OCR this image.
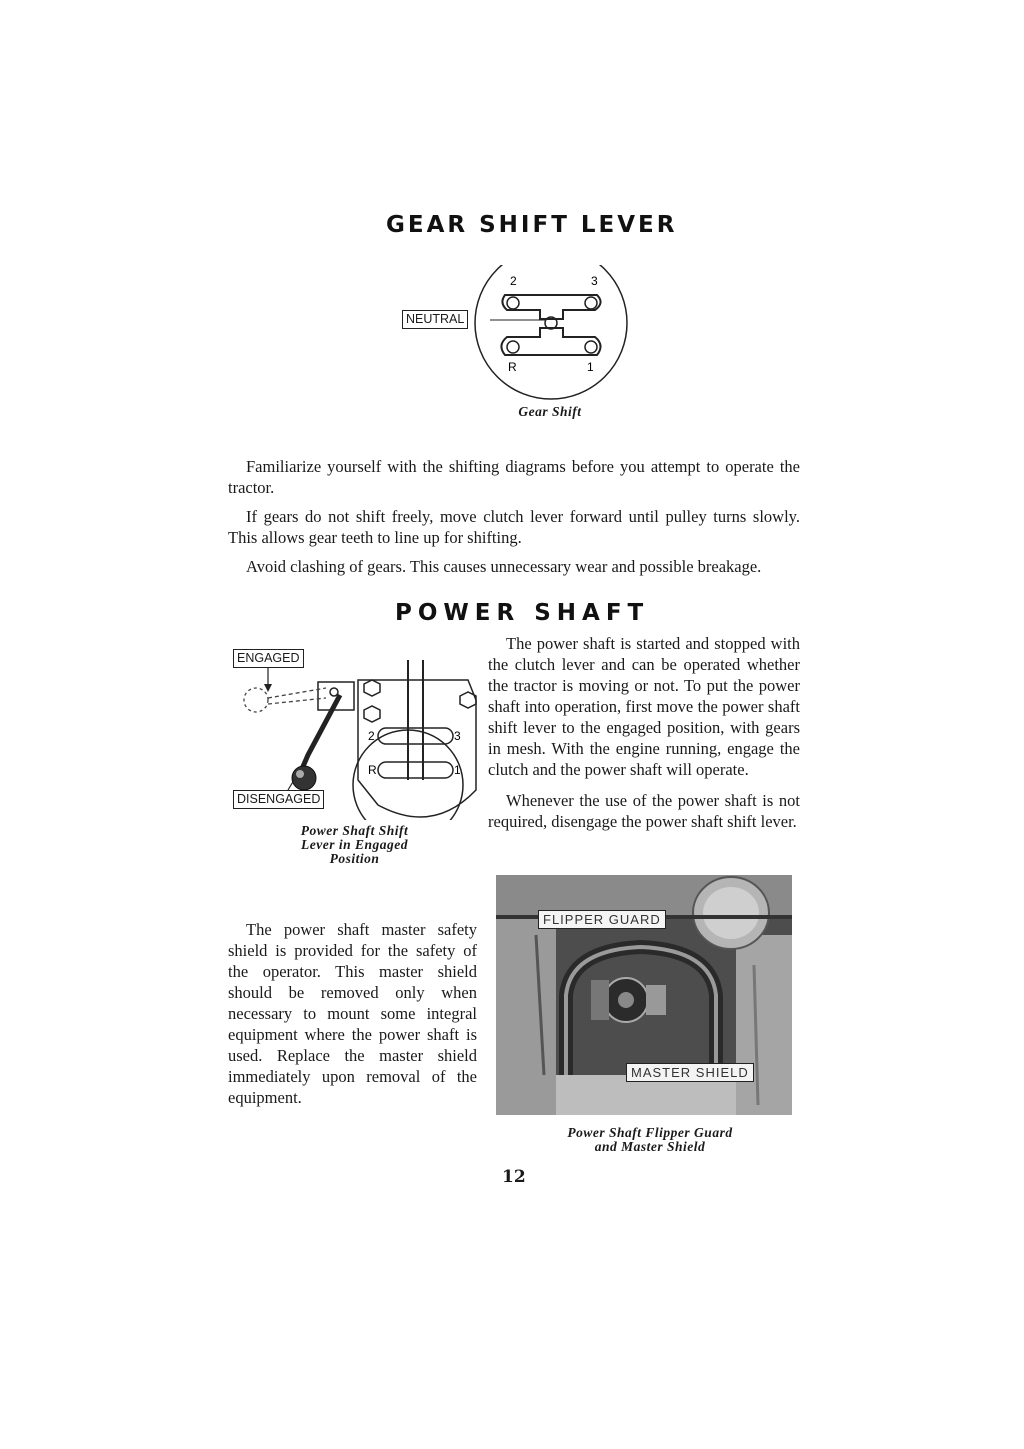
GEAR SHIFT LEVER
2	3
R	1
NEUTRAL
Gear Shift

Familiarize yourself with the shifting diagrams before you attempt to operate the tractor.

If gears do not shift freely, move clutch lever forward until pulley turns slowly. This allows gear teeth to line up for shifting.

Avoid clashing of gears. This causes unnecessary wear and possible breakage.

POWER SHAFT
2	3
R	1
ENGAGED
DISENGAGED
Power Shaft Shift
Lever in Engaged
Position

The power shaft is started and stopped with the clutch lever and can be operated whether the tractor is moving or not. To put the power shaft into operation, first move the power shaft shift lever to the engaged position, with gears in mesh. With the engine running, engage the clutch and the power shaft will operate.

Whenever the use of the power shaft is not required, disengage the power shaft shift lever.

The power shaft master safety shield is provided for the safety of the operator. This master shield should be removed only when necessary to mount some integral equipment where the power shaft is used. Replace the master shield immediately upon removal of the equipment.

FLIPPER GUARD
MASTER SHIELD
Power Shaft Flipper Guard
and Master Shield
12
